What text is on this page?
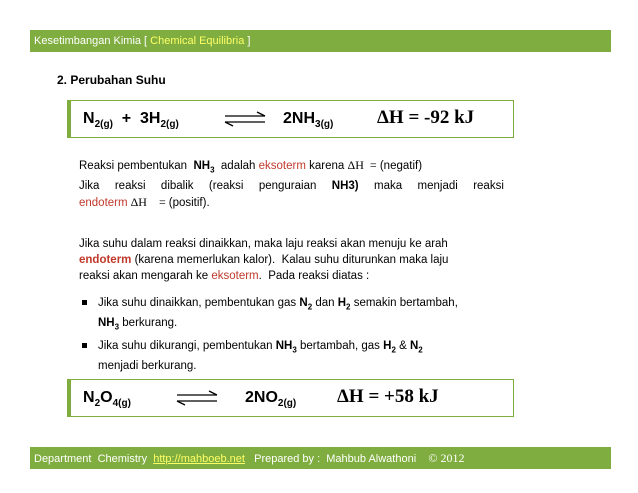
Kesetimbangan Kimia [ Chemical Equilibria ]
2. Perubahan Suhu
$N_{2(g)} + 3H_{2(g)}$	⇌ $2NH_{3(g)}$ ΔH = -92 kJ
Reaksi pembentukan  $NH_3$  adalah eksoterm karena ΔH  = (negatif)
Jika reaksi dibalik (reaksi penguraian NH3) maka menjadi reaksi
endoterm ΔH    = (positif).
Jika suhu dalam reaksi dinaikkan, maka laju reaksi akan menuju ke arah
endoterm (karena memerlukan kalor).  Kalau suhu diturunkan maka laju
reaksi akan mengarah ke eksoterm.  Pada reaksi diatas :
Jika suhu dinaikkan, pembentukan gas $N_2$ dan $H_2$ semakin bertambah,
$NH_3$ berkurang.
Jika suhu dikurangi, pembentukan $NH_3$ bertambah, gas $H_2$ & $N_2$
menjadi berkurang.
$N_2O_{4(g)}$	$2NO_{2(g)}$ ΔH = +58 kJ
Department  Chemistry  http://mahboeb.net   Prepared by :  Mahbub Alwathoni    © 2012
